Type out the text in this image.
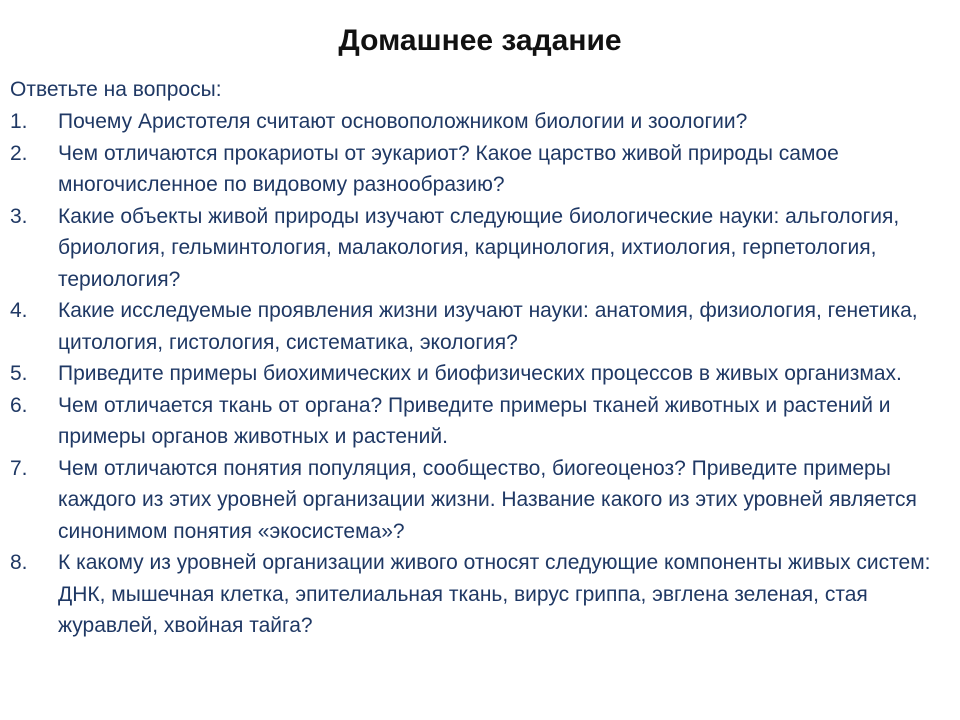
Домашнее задание
Ответьте на вопросы:
1.	Почему Аристотеля считают основоположником биологии и зоологии?
2.	Чем отличаются прокариоты от эукариот? Какое царство живой природы самое многочисленное по видовому разнообразию?
3.	Какие объекты живой природы изучают следующие биологические науки: альгология, бриология, гельминтология, малакология, карцинология, ихтиология, герпетология, териология?
4.	Какие исследуемые проявления жизни изучают науки: анатомия, физиология, генетика, цитология, гистология, систематика, экология?
5.	Приведите примеры биохимических и биофизических процессов в живых организмах.
6.	Чем отличается ткань от органа? Приведите примеры тканей животных и растений и примеры органов животных и растений.
7.	Чем отличаются понятия популяция, сообщество, биогеоценоз? Приведите примеры каждого из этих уровней организации жизни. Название какого из этих уровней является синонимом понятия «экосистема»?
8.	К какому из уровней организации живого относят следующие компоненты живых систем: ДНК, мышечная клетка, эпителиальная ткань, вирус гриппа, эвглена зеленая, стая журавлей, хвойная тайга?
